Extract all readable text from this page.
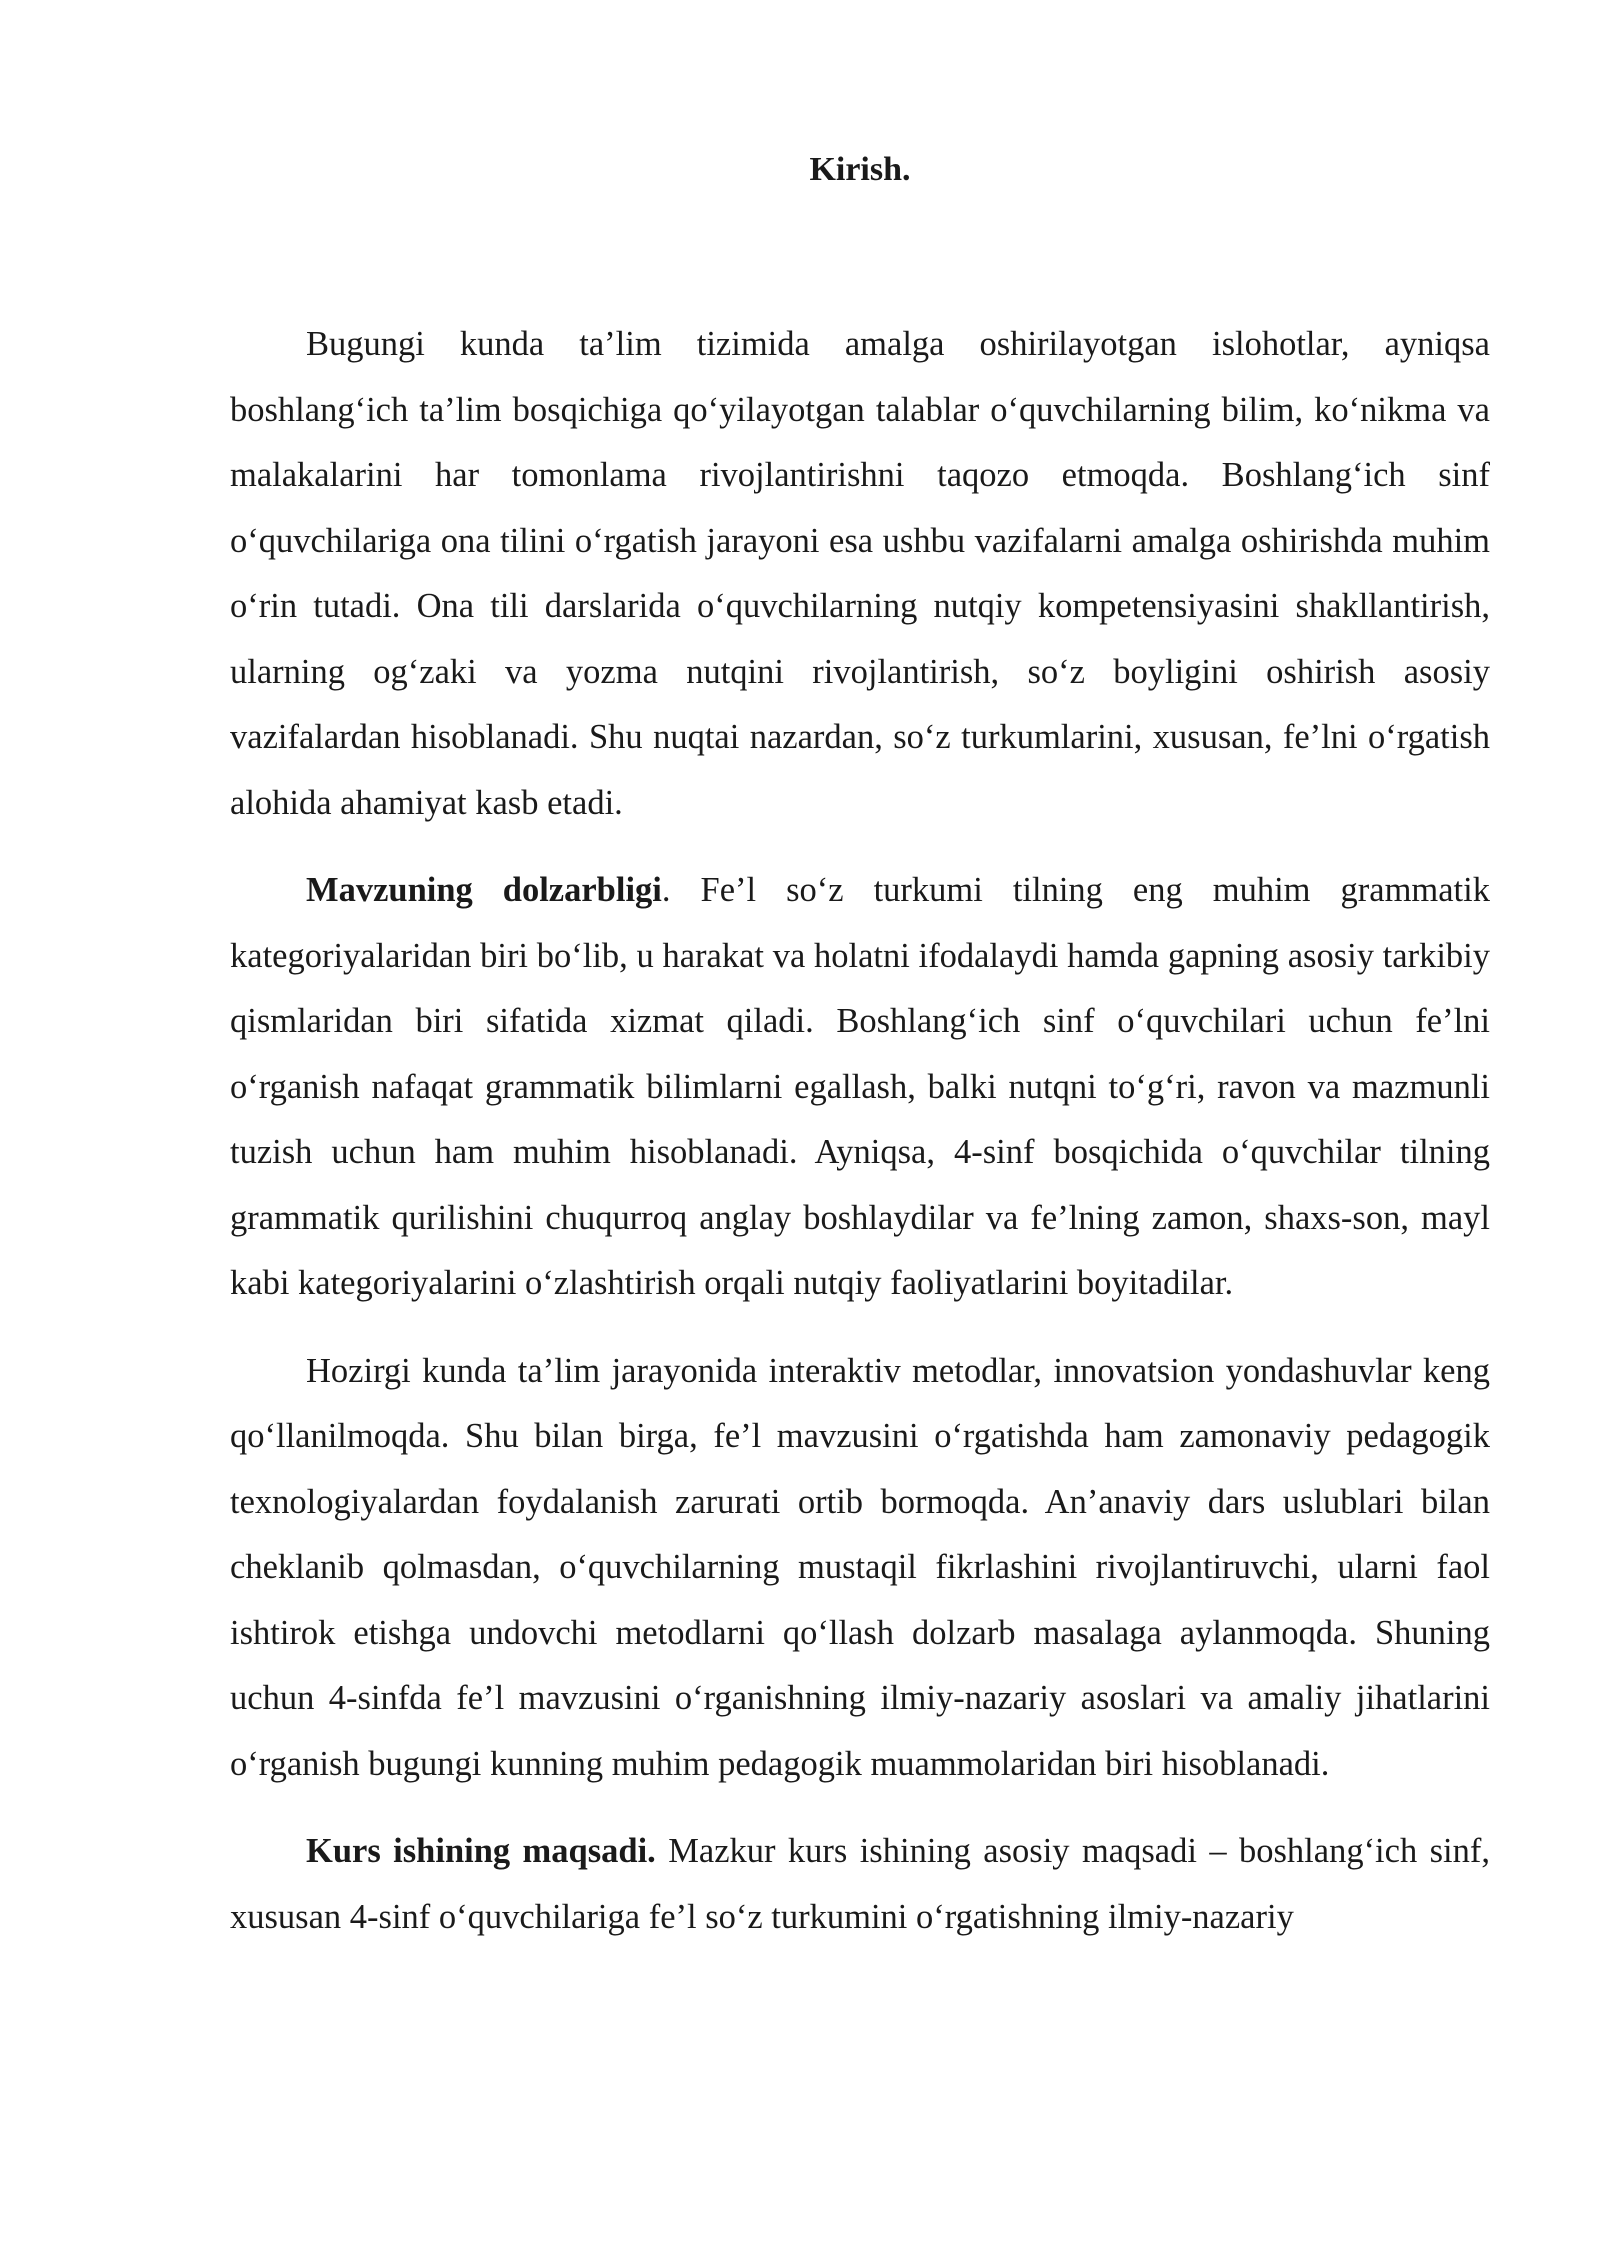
Kirish.

Bugungi kunda ta’lim tizimida amalga oshirilayotgan islohotlar, ayniqsa boshlang‘ich ta’lim bosqichiga qo‘yilayotgan talablar o‘quvchilarning bilim, ko‘nikma va malakalarini har tomonlama rivojlantirishni taqozo etmoqda. Boshlang‘ich sinf o‘quvchilariga ona tilini o‘rgatish jarayoni esa ushbu vazifalarni amalga oshirishda muhim o‘rin tutadi. Ona tili darslarida o‘quvchilarning nutqiy kompetensiyasini shakllantirish, ularning og‘zaki va yozma nutqini rivojlantirish, so‘z boyligini oshirish asosiy vazifalardan hisoblanadi. Shu nuqtai nazardan, so‘z turkumlarini, xususan, fe’lni o‘rgatish alohida ahamiyat kasb etadi.

Mavzuning dolzarbligi. Fe’l so‘z turkumi tilning eng muhim grammatik kategoriyalaridan biri bo‘lib, u harakat va holatni ifodalaydi hamda gapning asosiy tarkibiy qismlaridan biri sifatida xizmat qiladi. Boshlang‘ich sinf o‘quvchilari uchun fe’lni o‘rganish nafaqat grammatik bilimlarni egallash, balki nutqni to‘g‘ri, ravon va mazmunli tuzish uchun ham muhim hisoblanadi. Ayniqsa, 4-sinf bosqichida o‘quvchilar tilning grammatik qurilishini chuqurroq anglay boshlaydilar va fe’lning zamon, shaxs-son, mayl kabi kategoriyalarini o‘zlashtirish orqali nutqiy faoliyatlarini boyitadilar.

Hozirgi kunda ta’lim jarayonida interaktiv metodlar, innovatsion yondashuvlar keng qo‘llanilmoqda. Shu bilan birga, fe’l mavzusini o‘rgatishda ham zamonaviy pedagogik texnologiyalardan foydalanish zarurati ortib bormoqda. An’anaviy dars uslublari bilan cheklanib qolmasdan, o‘quvchilarning mustaqil fikrlashini rivojlantiruvchi, ularni faol ishtirok etishga undovchi metodlarni qo‘llash dolzarb masalaga aylanmoqda. Shuning uchun 4-sinfda fe’l mavzusini o‘rganishning ilmiy-nazariy asoslari va amaliy jihatlarini o‘rganish bugungi kunning muhim pedagogik muammolaridan biri hisoblanadi.

Kurs ishining maqsadi. Mazkur kurs ishining asosiy maqsadi – boshlang‘ich sinf, xususan 4-sinf o‘quvchilariga fe’l so‘z turkumini o‘rgatishning ilmiy-nazariy
